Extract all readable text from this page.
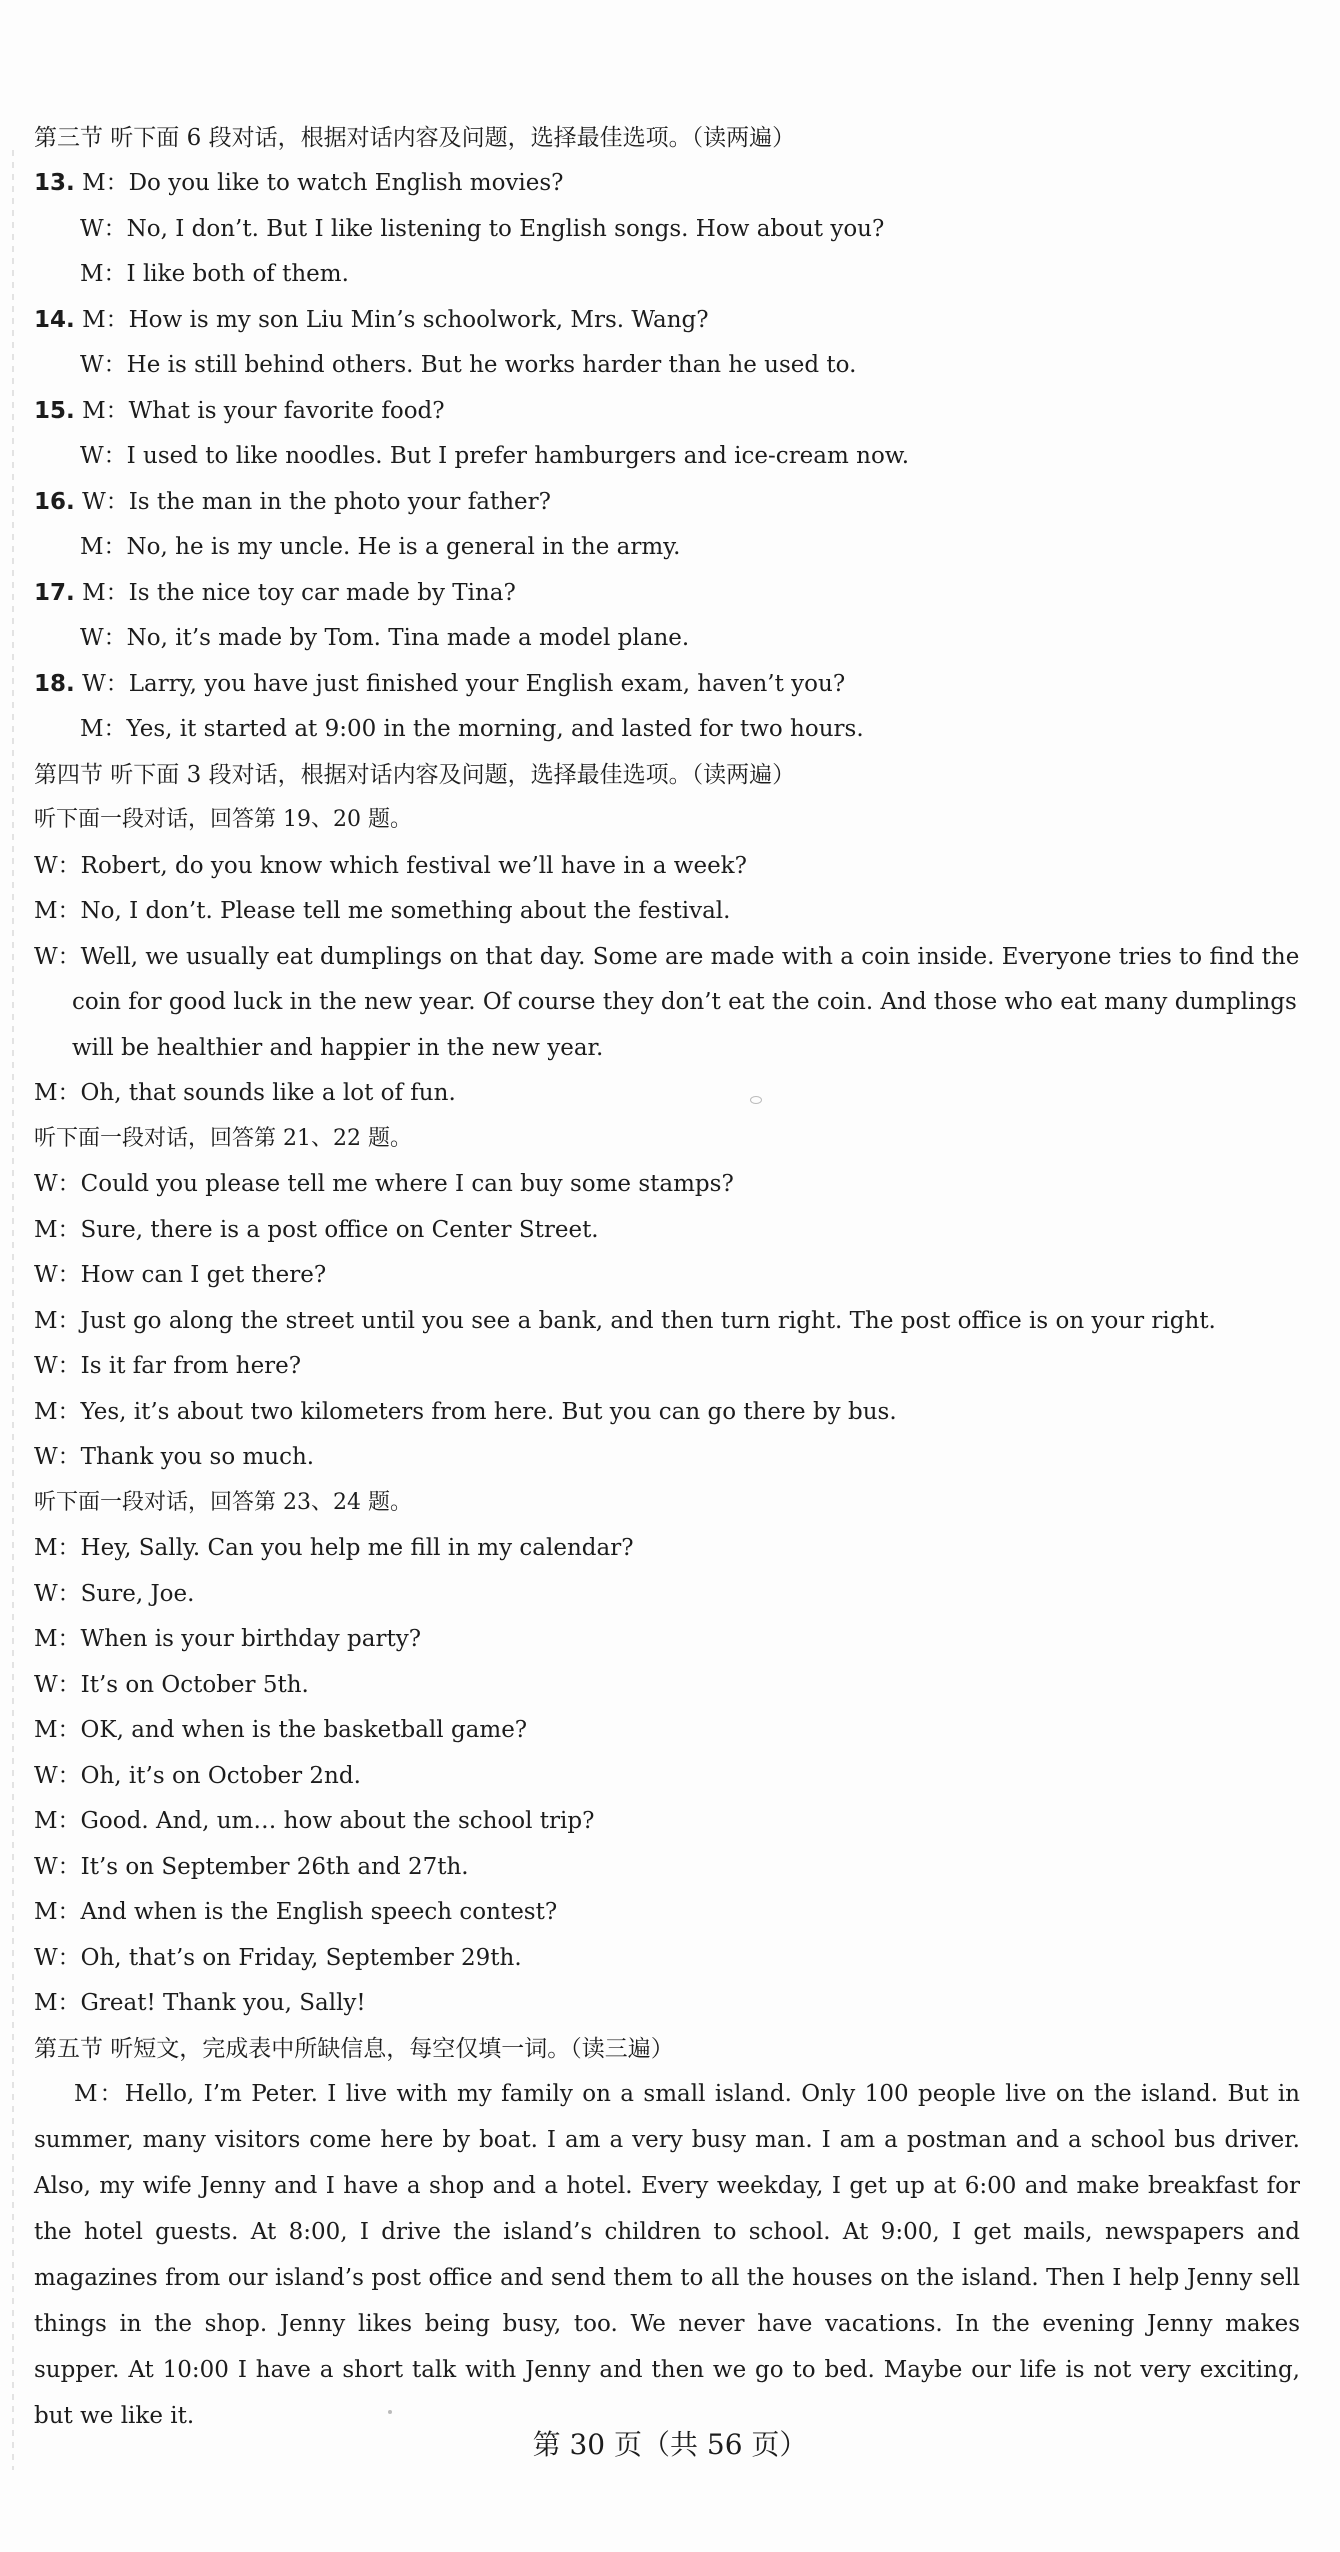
第三节 听下面 6 段对话，根据对话内容及问题，选择最佳选项。（读两遍）
13. M：Do you like to watch English movies?
W：No, I don’t. But I like listening to English songs. How about you?
M：I like both of them.
14. M：How is my son Liu Min’s schoolwork, Mrs. Wang?
W：He is still behind others. But he works harder than he used to.
15. M：What is your favorite food?
W：I used to like noodles. But I prefer hamburgers and ice-cream now.
16. W：Is the man in the photo your father?
M：No, he is my uncle. He is a general in the army.
17. M：Is the nice toy car made by Tina?
W：No, it’s made by Tom. Tina made a model plane.
18. W：Larry, you have just finished your English exam, haven’t you?
M：Yes, it started at 9:00 in the morning, and lasted for two hours.
第四节 听下面 3 段对话，根据对话内容及问题，选择最佳选项。（读两遍）
听下面一段对话，回答第 19、20 题。
W：Robert, do you know which festival we’ll have in a week?
M：No, I don’t. Please tell me something about the festival.
W：Well, we usually eat dumplings on that day. Some are made with a coin inside. Everyone tries to find the
coin for good luck in the new year. Of course they don’t eat the coin. And those who eat many dumplings
will be healthier and happier in the new year.
M：Oh, that sounds like a lot of fun.
听下面一段对话，回答第 21、22 题。
W：Could you please tell me where I can buy some stamps?
M：Sure, there is a post office on Center Street.
W：How can I get there?
M：Just go along the street until you see a bank, and then turn right. The post office is on your right.
W：Is it far from here?
M：Yes, it’s about two kilometers from here. But you can go there by bus.
W：Thank you so much.
听下面一段对话，回答第 23、24 题。
M：Hey, Sally. Can you help me fill in my calendar?
W：Sure, Joe.
M：When is your birthday party?
W：It’s on October 5th.
M：OK, and when is the basketball game?
W：Oh, it’s on October 2nd.
M：Good. And, um… how about the school trip?
W：It’s on September 26th and 27th.
M：And when is the English speech contest?
W：Oh, that’s on Friday, September 29th.
M：Great! Thank you, Sally!
第五节 听短文，完成表中所缺信息，每空仅填一词。（读三遍）
M：Hello, I’m Peter. I live with my family on a small island. Only 100 people live on the island. But in summer, many visitors come here by boat. I am a very busy man. I am a postman and a school bus driver. Also, my wife Jenny and I have a shop and a hotel. Every weekday, I get up at 6:00 and make breakfast for the hotel guests. At 8:00, I drive the island’s children to school. At 9:00, I get mails, newspapers and magazines from our island’s post office and send them to all the houses on the island. Then I help Jenny sell things in the shop. Jenny likes being busy, too. We never have vacations. In the evening Jenny makes supper. At 10:00 I have a short talk with Jenny and then we go to bed. Maybe our life is not very exciting, but we like it.
第 30 页（共 56 页）
